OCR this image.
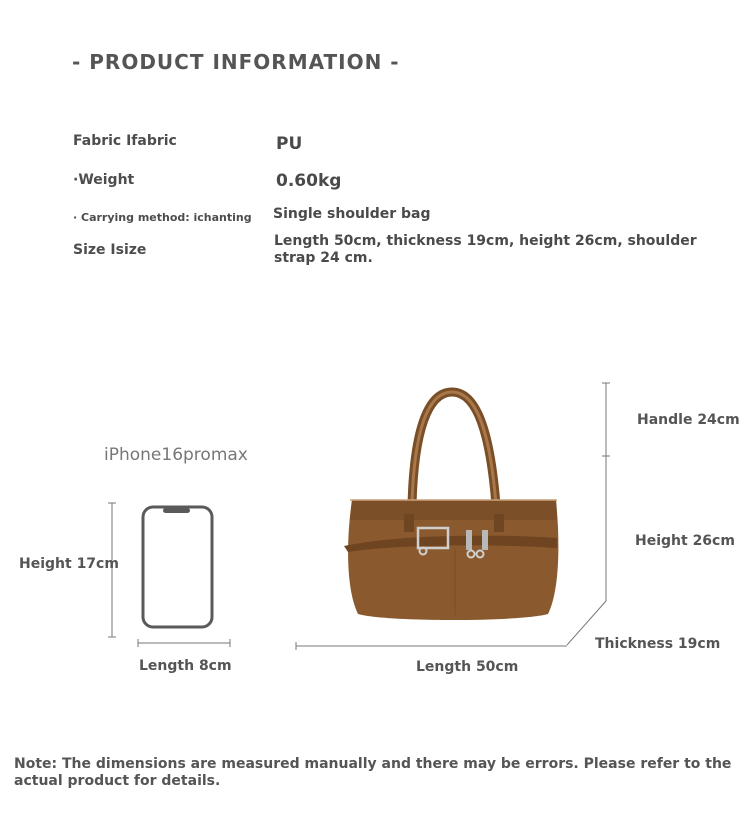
- PRODUCT INFORMATION -
Fabric Ifabric	PU
·Weight	0.60kg
· Carrying method: ichanting Single shoulder bag
Size Isize
Length 50cm, thickness 19cm, height 26cm, shoulder strap 24 cm.
iPhone16promax
Height 17cm
Length 8cm
Handle 24cm
Height 26cm
Thickness 19cm
Length 50cm
Note: The dimensions are measured manually and there may be errors. Please refer to the actual product for details.
